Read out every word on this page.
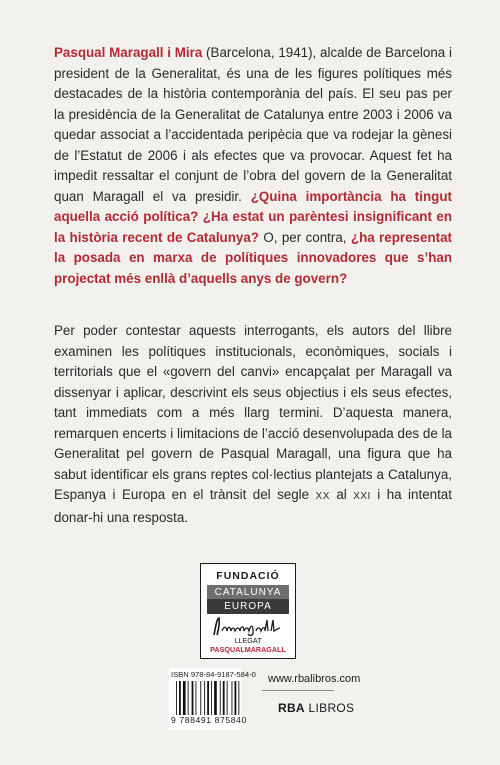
Pasqual Maragall i Mira (Barcelona, 1941), alcalde de Barcelona i president de la Generalitat, és una de les figures polítiques més destacades de la història contemporània del país. El seu pas per la presidència de la Generalitat de Catalunya entre 2003 i 2006 va quedar associat a l’accidentada peripècia que va rodejar la gènesi de l’Estatut de 2006 i als efectes que va provocar. Aquest fet ha impedit ressaltar el conjunt de l’obra del govern de la Generalitat quan Maragall el va presidir. ¿Quina importància ha tingut aquella acció política? ¿Ha estat un parèntesi insignificant en la història recent de Catalunya? O, per contra, ¿ha representat la posada en marxa de polítiques innovadores que s’han projectat més enllà d’aquells anys de govern?
Per poder contestar aquests interrogants, els autors del llibre examinen les polítiques institucionals, econòmiques, socials i territorials que el «govern del canvi» encapçalat per Maragall va dissenyar i aplicar, descrivint els seus objectius i els seus efectes, tant immediats com a més llarg termini. D’aquesta manera, remarquen encerts i limitacions de l’acció desenvolupada des de la Generalitat pel govern de Pasqual Maragall, una figura que ha sabut identificar els grans reptes col·lectius plantejats a Catalunya, Espanya i Europa en el trànsit del segle XX al XXI i ha intentat donar-hi una resposta.
FUNDACIÓ
CATALUNYA
EUROPA
LLEGAT PASQUALMARAGALL
ISBN 978-84-9187-584-0
9 788491 875840
www.rbalibros.com
RBA LIBROS
